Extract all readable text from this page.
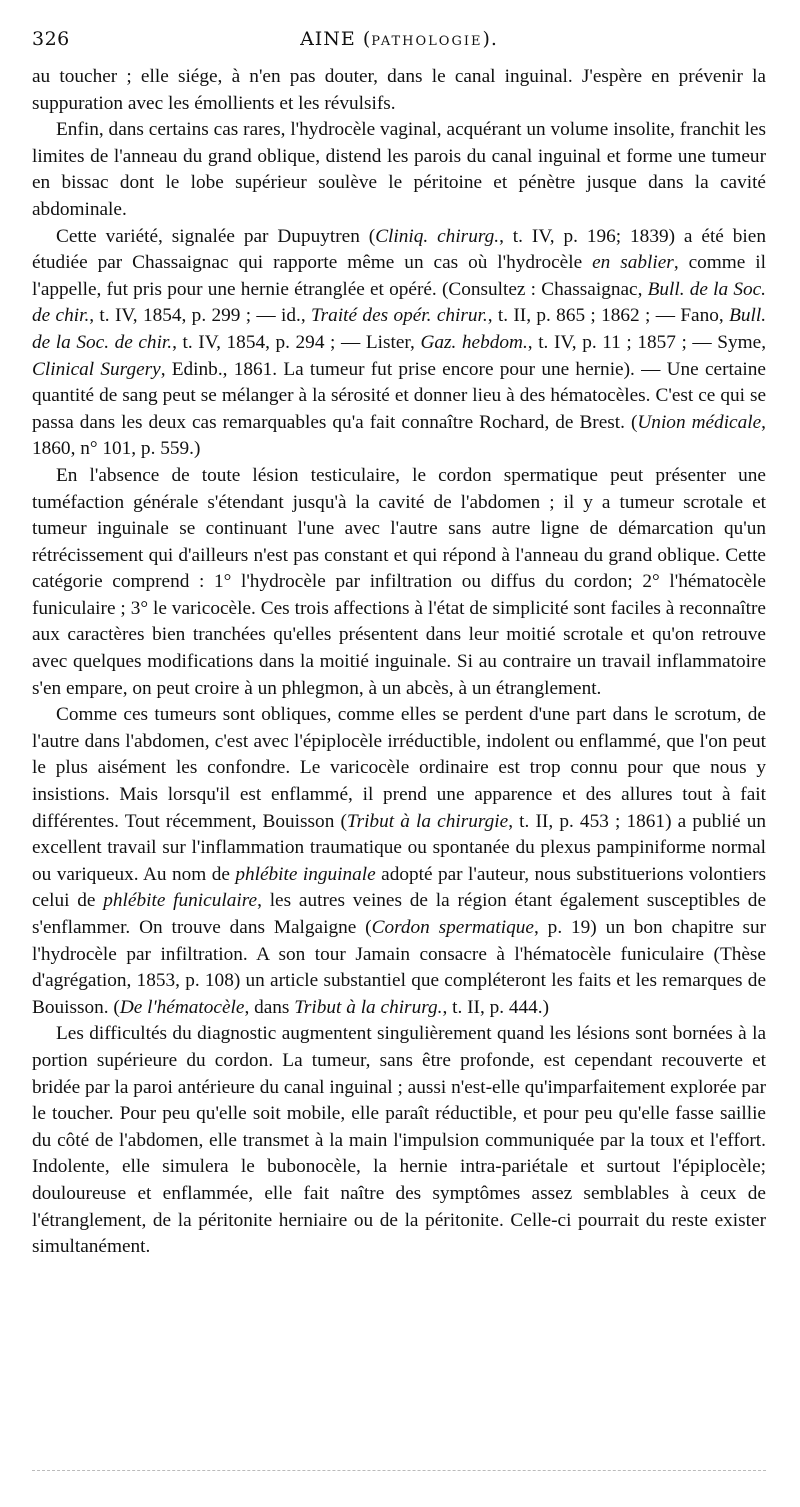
326	AINE (PATHOLOGIE).

au toucher ; elle siége, à n'en pas douter, dans le canal inguinal. J'espère en prévenir la suppuration avec les émollients et les révulsifs.

Enfin, dans certains cas rares, l'hydrocèle vaginal, acquérant un volume insolite, franchit les limites de l'anneau du grand oblique, distend les parois du canal inguinal et forme une tumeur en bissac dont le lobe supérieur soulève le péritoine et pénètre jusque dans la cavité abdominale.

Cette variété, signalée par Dupuytren (Cliniq. chirurg., t. IV, p. 196; 1839) a été bien étudiée par Chassaignac qui rapporte même un cas où l'hydrocèle en sablier, comme il l'appelle, fut pris pour une hernie étranglée et opéré. (Consultez : Chassaignac, Bull. de la Soc. de chir., t. IV, 1854, p. 299 ; — id., Traité des opér. chirur., t. II, p. 865 ; 1862 ; — Fano, Bull. de la Soc. de chir., t. IV, 1854, p. 294 ; — Lister, Gaz. hebdom., t. IV, p. 11 ; 1857 ; — Syme, Clinical Surgery, Edinb., 1861. La tumeur fut prise encore pour une hernie). — Une certaine quantité de sang peut se mélanger à la sérosité et donner lieu à des hématocèles. C'est ce qui se passa dans les deux cas remarquables qu'a fait connaître Rochard, de Brest. (Union médicale, 1860, n° 101, p. 559.)

En l'absence de toute lésion testiculaire, le cordon spermatique peut présenter une tuméfaction générale s'étendant jusqu'à la cavité de l'abdomen ; il y a tumeur scrotale et tumeur inguinale se continuant l'une avec l'autre sans autre ligne de démarcation qu'un rétrécissement qui d'ailleurs n'est pas constant et qui répond à l'anneau du grand oblique. Cette catégorie comprend : 1° l'hydrocèle par infiltration ou diffus du cordon; 2° l'hématocèle funiculaire ; 3° le varicocèle. Ces trois affections à l'état de simplicité sont faciles à reconnaître aux caractères bien tranchées qu'elles présentent dans leur moitié scrotale et qu'on retrouve avec quelques modifications dans la moitié inguinale. Si au contraire un travail inflammatoire s'en empare, on peut croire à un phlegmon, à un abcès, à un étranglement.

Comme ces tumeurs sont obliques, comme elles se perdent d'une part dans le scrotum, de l'autre dans l'abdomen, c'est avec l'épiplocèle irréductible, indolent ou enflammé, que l'on peut le plus aisément les confondre. Le varicocèle ordinaire est trop connu pour que nous y insistions. Mais lorsqu'il est enflammé, il prend une apparence et des allures tout à fait différentes. Tout récemment, Bouisson (Tribut à la chirurgie, t. II, p. 453 ; 1861) a publié un excellent travail sur l'inflammation traumatique ou spontanée du plexus pampiniforme normal ou variqueux. Au nom de phlébite inguinale adopté par l'auteur, nous substituerions volontiers celui de phlébite funiculaire, les autres veines de la région étant également susceptibles de s'enflammer. On trouve dans Malgaigne (Cordon spermatique, p. 19) un bon chapitre sur l'hydrocèle par infiltration. A son tour Jamain consacre à l'hématocèle funiculaire (Thèse d'agrégation, 1853, p. 108) un article substantiel que compléteront les faits et les remarques de Bouisson. (De l'hématocèle, dans Tribut à la chirurg., t. II, p. 444.)

Les difficultés du diagnostic augmentent singulièrement quand les lésions sont bornées à la portion supérieure du cordon. La tumeur, sans être profonde, est cependant recouverte et bridée par la paroi antérieure du canal inguinal ; aussi n'est-elle qu'imparfaitement explorée par le toucher. Pour peu qu'elle soit mobile, elle paraît réductible, et pour peu qu'elle fasse saillie du côté de l'abdomen, elle transmet à la main l'impulsion communiquée par la toux et l'effort. Indolente, elle simulera le bubonocèle, la hernie intra-pariétale et surtout l'épiplocèle; douloureuse et enflammée, elle fait naître des symptômes assez semblables à ceux de l'étranglement, de la péritonite herniaire ou de la péritonite. Celle-ci pourrait du reste exister simultanément.
